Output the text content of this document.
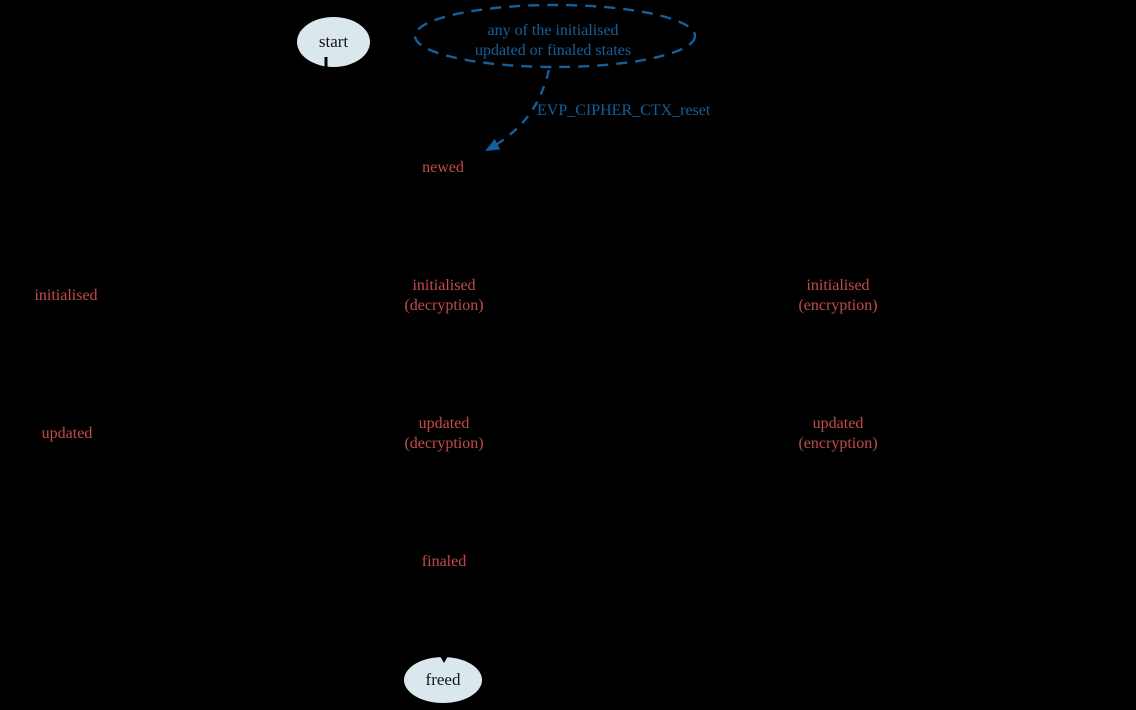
start
freed
any of the initialised
updated or finaled states
EVP_CIPHER_CTX_reset
newed
initialised
initialised
(decryption)
initialised
(encryption)
updated
updated
(decryption)
updated
(encryption)
finaled
